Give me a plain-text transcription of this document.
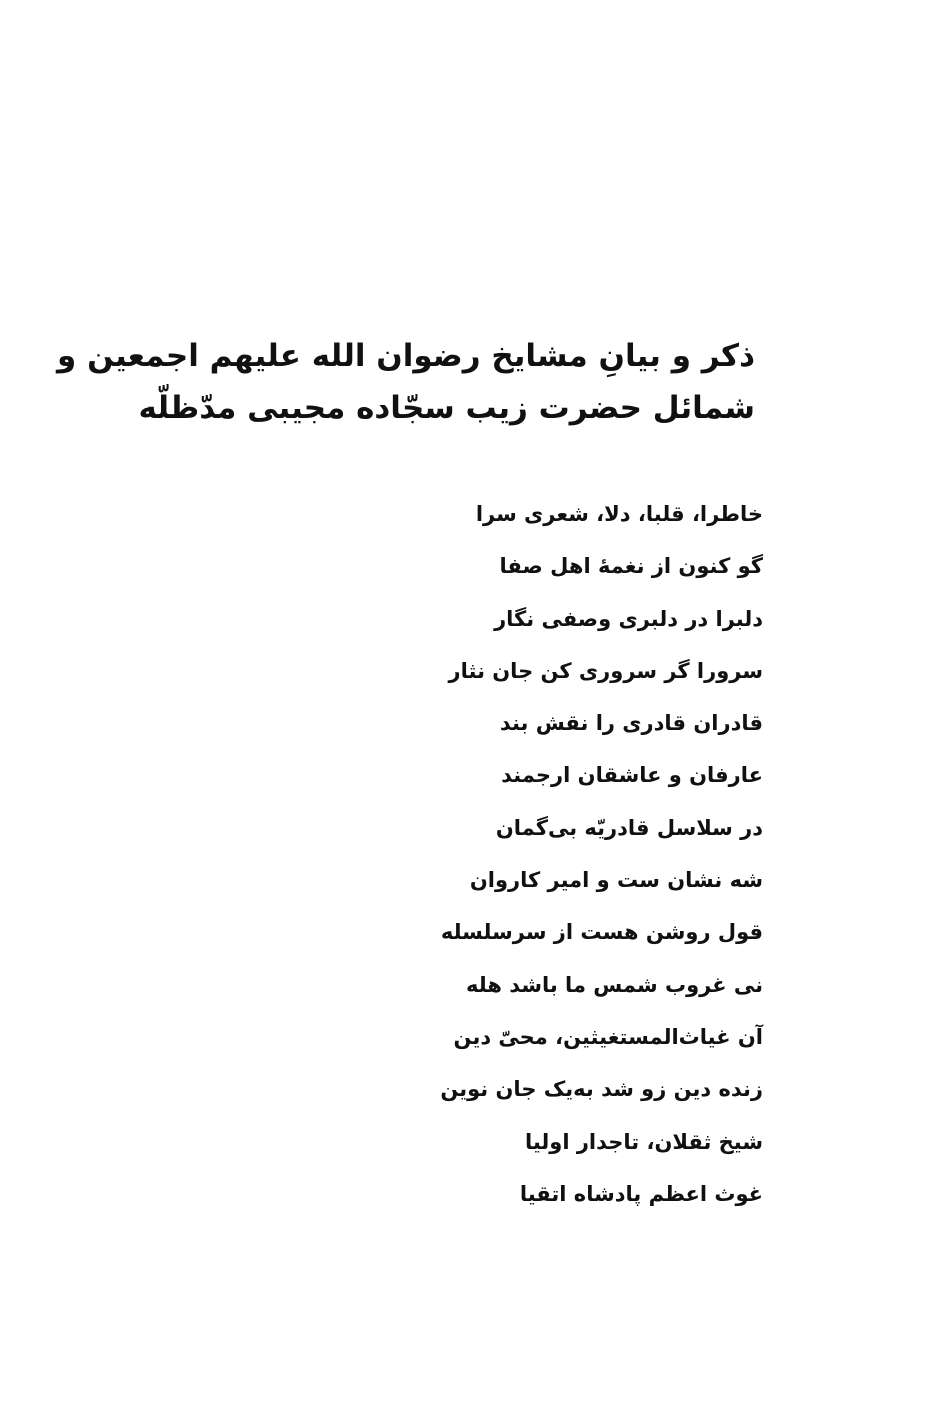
ذکر و بیانِ مشایخ رضوان الله علیهم اجمعین و
شمائل حضرت زیب سجّاده مجیبی مدّظلّه
خاطرا، قلبا، دلا، شعری سرا
گو کنون از نغمهٔ اهل صفا
دلبرا در دلبری وصفی نگار
سرورا گر سروری کن جان نثار
قادران قادری را نقش بند
عارفان و عاشقان ارجمند
در سلاسل قادریّه بی‌گمان
شه نشان ست و امیر کاروان
قول روشن هست از سرسلسله
نی غروب شمس ما باشد هله
آن غیاث‌المستغیثین، محیّ دین
زنده دین زو شد به‌یک جان نوین
شیخ ثقلان، تاجدار اولیا
غوث اعظم پادشاه اتقیا
